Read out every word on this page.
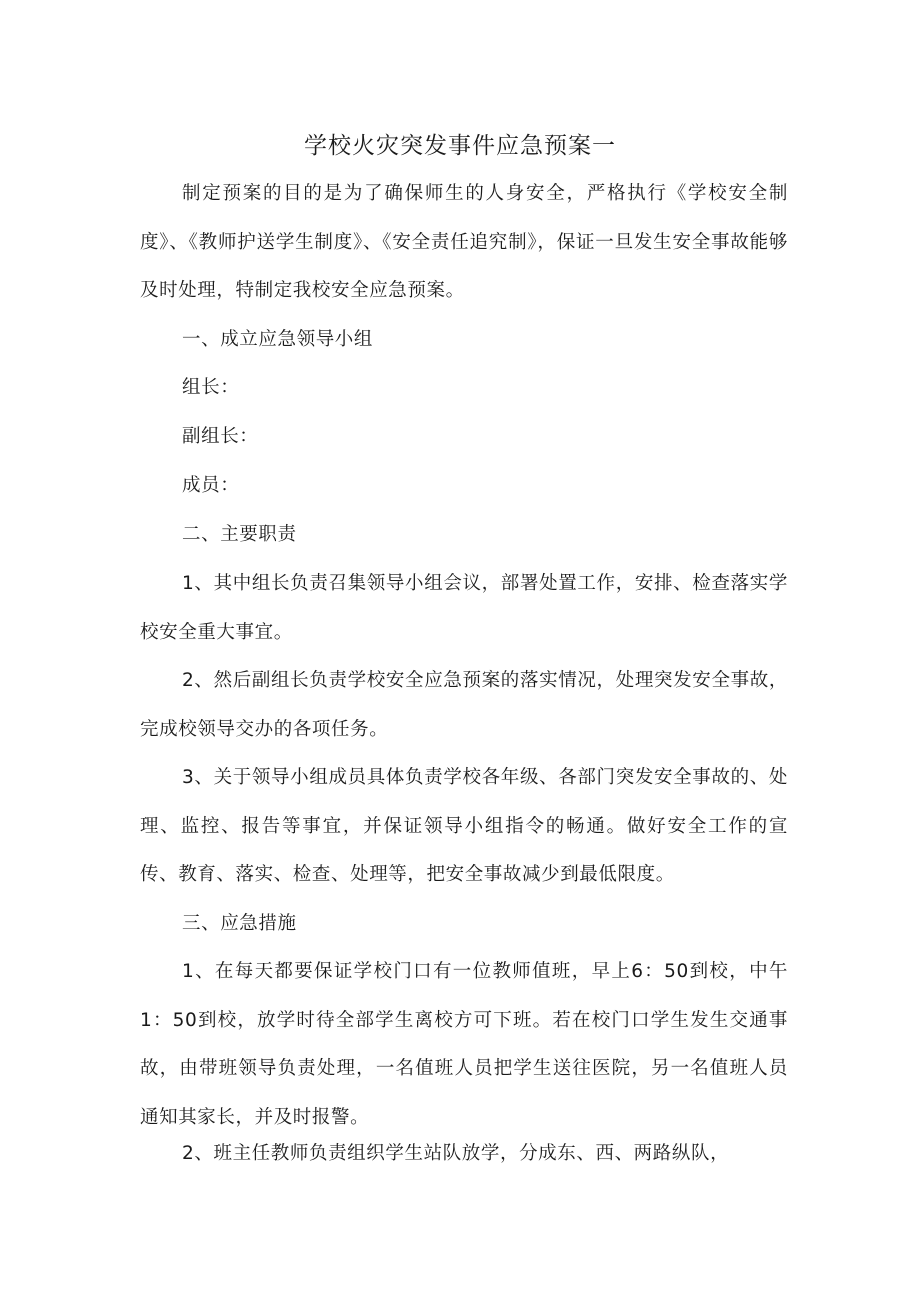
学校火灾突发事件应急预案一

制定预案的目的是为了确保师生的人身安全，严格执行《学校安全制度》、《教师护送学生制度》、《安全责任追究制》，保证一旦发生安全事故能够及时处理，特制定我校安全应急预案。

一、成立应急领导小组

组长：

副组长：

成员：

二、主要职责

1、其中组长负责召集领导小组会议，部署处置工作，安排、检查落实学校安全重大事宜。

2、然后副组长负责学校安全应急预案的落实情况，处理突发安全事故，完成校领导交办的各项任务。

3、关于领导小组成员具体负责学校各年级、各部门突发安全事故的、处理、监控、报告等事宜，并保证领导小组指令的畅通。做好安全工作的宣传、教育、落实、检查、处理等，把安全事故减少到最低限度。

三、应急措施

1、在每天都要保证学校门口有一位教师值班，早上6：50到校，中午1：50到校，放学时待全部学生离校方可下班。若在校门口学生发生交通事故，由带班领导负责处理，一名值班人员把学生送往医院，另一名值班人员通知其家长，并及时报警。

2、班主任教师负责组织学生站队放学，分成东、西、两路纵队，
